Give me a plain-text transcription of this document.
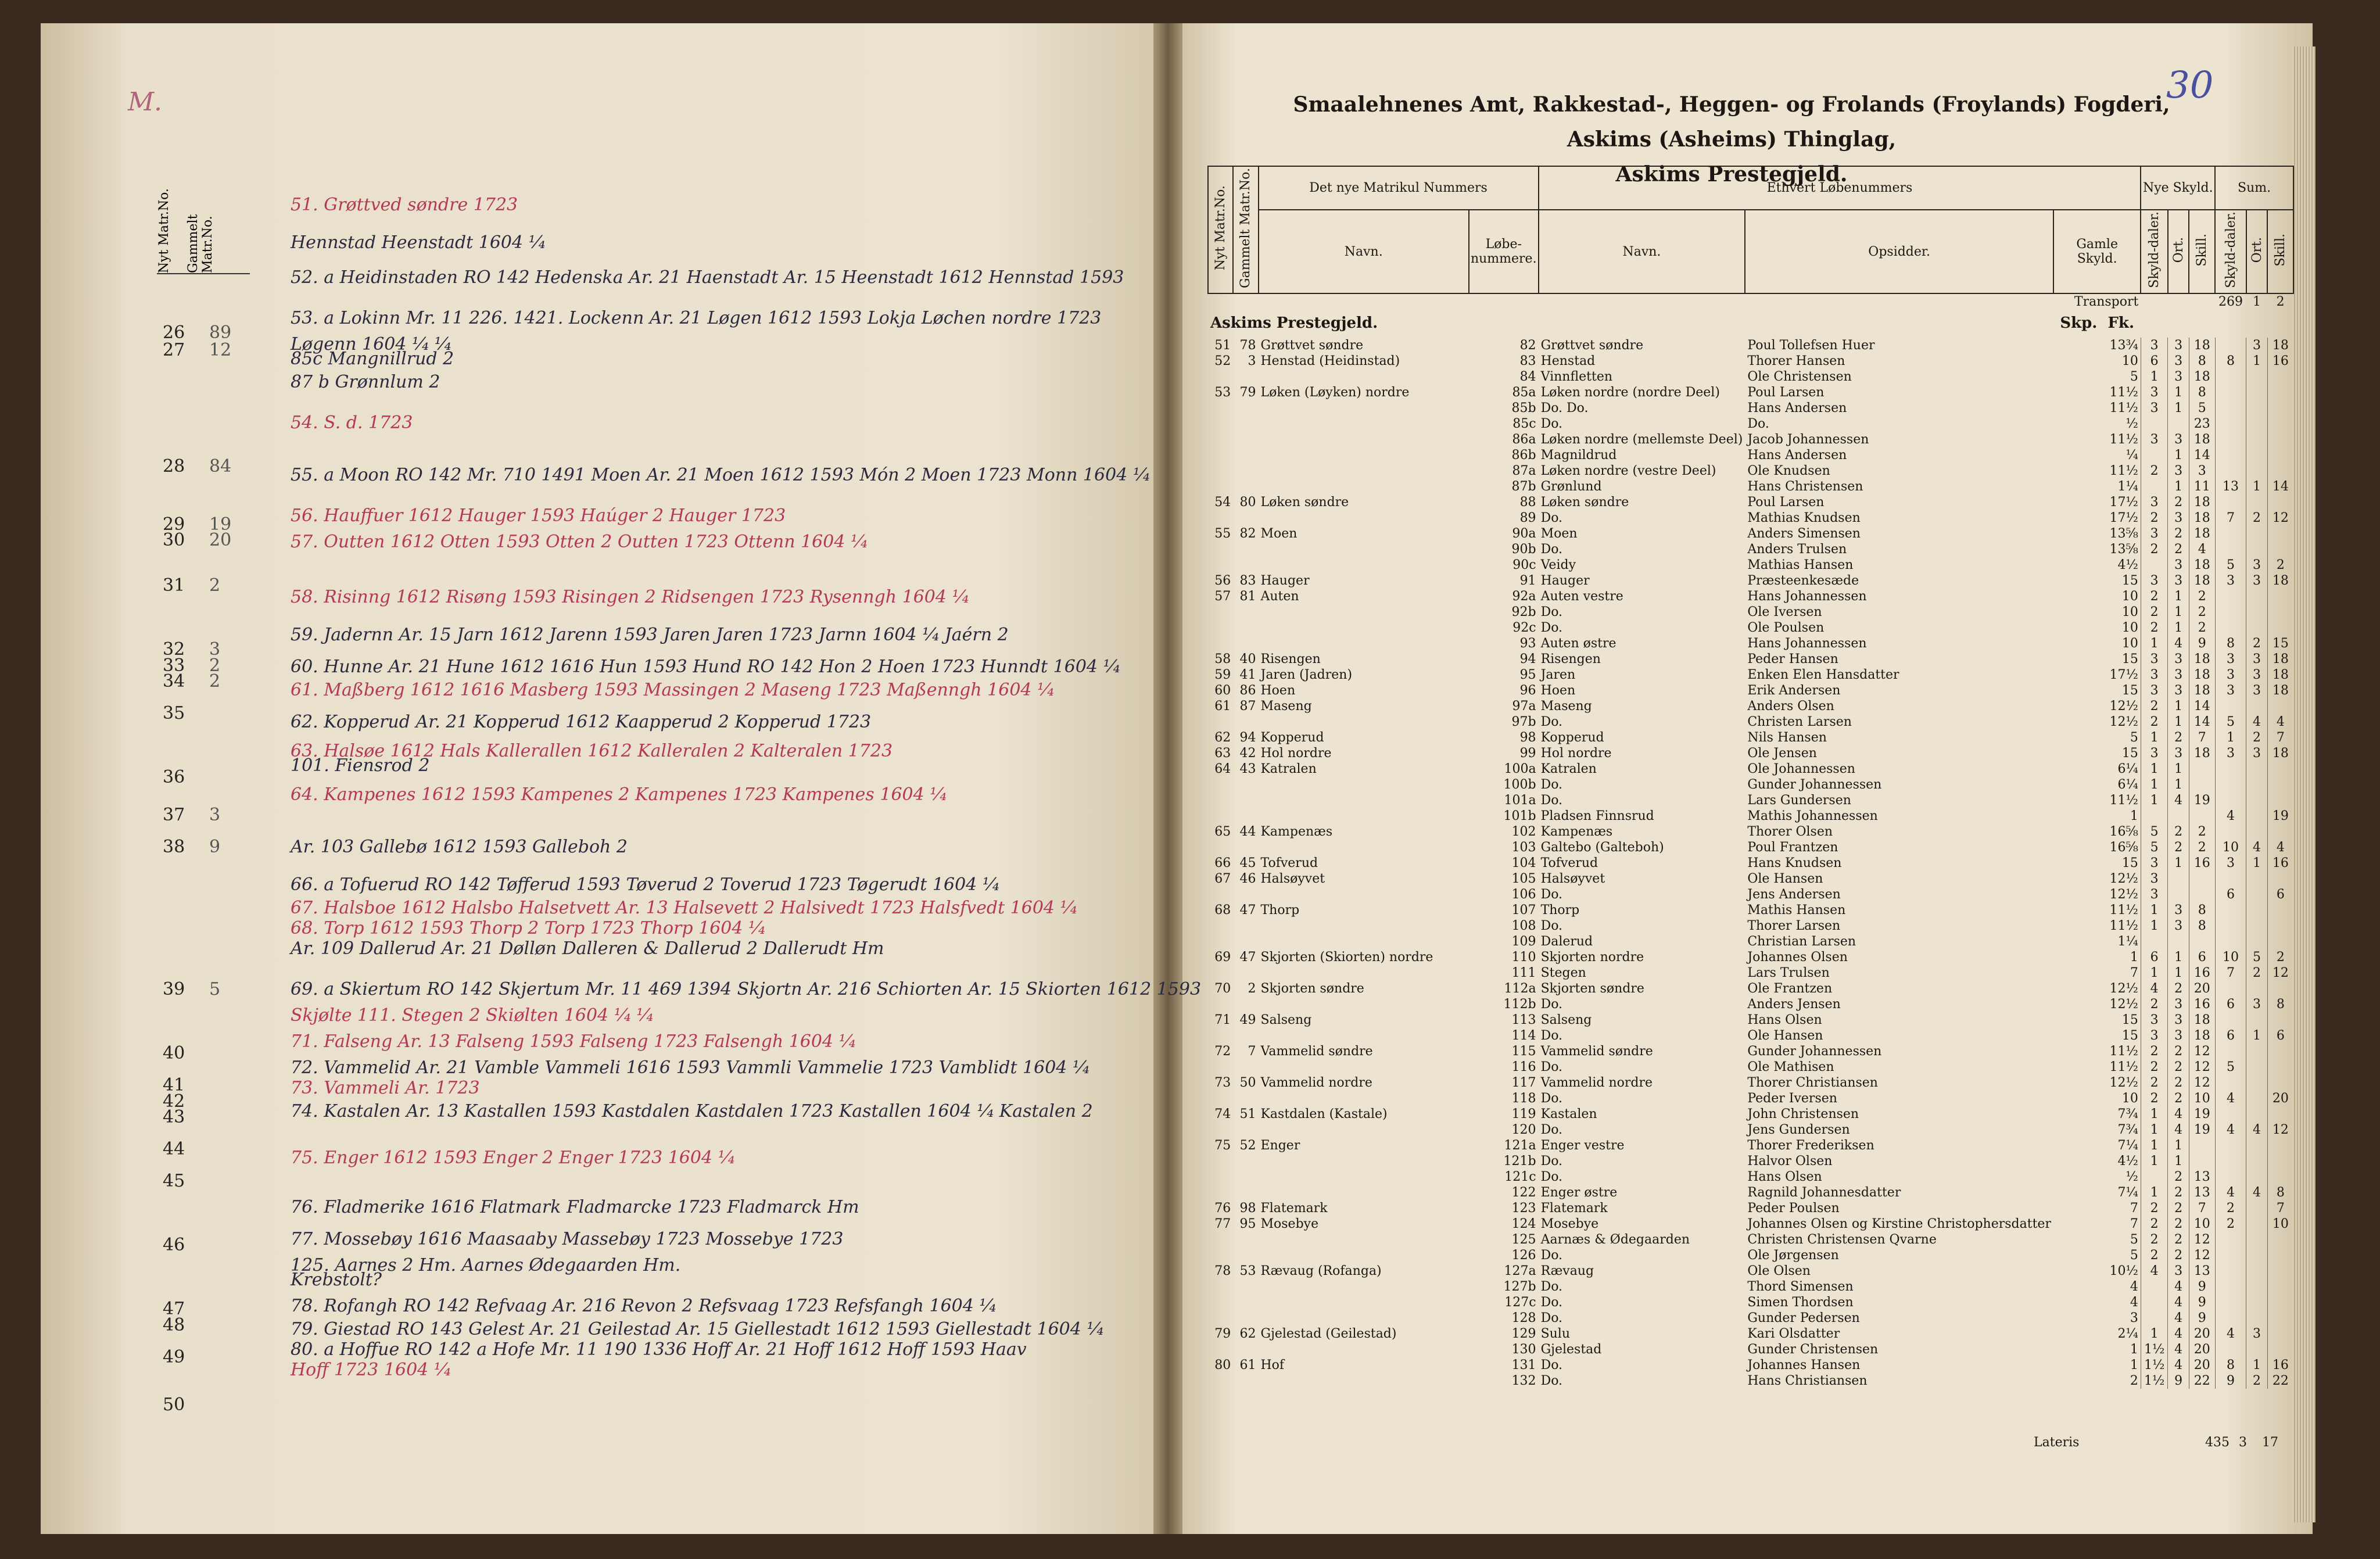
M.
Nyt Matr.No. Gammelt Matr.No.
26 89
27 12
28 84
29 19
30 20
31 2
32 3
33 2
34 2
35
36
37 3
38 9
39 5
40
41
42
43
44
45
46
47
48
49
50
51. Grøttved søndre 1723
Hennstad Heenstadt 1604 ⅟₄
52. a Heidinstaden RO 142 Hedenska Ar. 21 Haenstadt Ar. 15 Heenstadt 1612 Hennstad 1593
53. a Lokinn Mr. 11 226. 1421. Lockenn Ar. 21 Løgen 1612 1593 Lokja Løchen nordre 1723
Løgenn 1604 ⅟₄ ⅟₄
85c Mangnillrud 2
87 b Grønnlum 2
54. S. d. 1723
55. a Moon RO 142 Mr. 710 1491 Moen Ar. 21 Moen 1612 1593 Món 2 Moen 1723 Monn 1604 ⅟₄
56. Hauffuer 1612 Hauger 1593 Haúger 2 Hauger 1723
57. Outten 1612 Otten 1593 Otten 2 Outten 1723 Ottenn 1604 ⅟₄
58. Risinng 1612 Risøng 1593 Risingen 2 Ridsengen 1723 Rysenngh 1604 ⅟₄
59. Jadernn Ar. 15 Jarn 1612 Jarenn 1593 Jaren Jaren 1723 Jarnn 1604 ⅟₄ Jaérn 2
60. Hunne Ar. 21 Hune 1612 1616 Hun 1593 Hund RO 142 Hon 2 Hoen 1723 Hunndt 1604 ⅟₄
61. Maßberg 1612 1616 Masberg 1593 Massingen 2 Maseng 1723 Maßenngh 1604 ⅟₄
62. Kopperud Ar. 21 Kopperud 1612 Kaapperud 2 Kopperud 1723
63. Halsøe 1612 Hals Kallerallen 1612 Kalleralen 2 Kalteralen 1723
101. Fiensrod 2
64. Kampenes 1612 1593 Kampenes 2 Kampenes 1723 Kampenes 1604 ⅟₄
Ar. 103 Gallebø 1612 1593 Galleboh 2
66. a Tofuerud RO 142 Tøfferud 1593 Tøverud 2 Toverud 1723 Tøgerudt 1604 ⅟₄
67. Halsboe 1612 Halsbo Halsetvett Ar. 13 Halsevett 2 Halsivedt 1723 Halsfvedt 1604 ⅟₄
68. Torp 1612 1593 Thorp 2 Torp 1723 Thorp 1604 ⅟₄
Ar. 109 Dallerud Ar. 21 Dølløn Dalleren & Dallerud 2 Dallerudt Hm
69. a Skiertum RO 142 Skjertum Mr. 11 469 1394 Skjortn Ar. 216 Schiorten Ar. 15 Skiorten 1612 1593
Skjølte 111. Stegen 2 Skiølten 1604 ⅟₄ ⅟₄
71. Falseng Ar. 13 Falseng 1593 Falseng 1723 Falsengh 1604 ⅟₄
72. Vammelid Ar. 21 Vamble Vammeli 1616 1593 Vammli Vammelie 1723 Vamblidt 1604 ⅟₄
73. Vammeli Ar. 1723
74. Kastalen Ar. 13 Kastallen 1593 Kastdalen Kastdalen 1723 Kastallen 1604 ⅟₄ Kastalen 2
75. Enger 1612 1593 Enger 2 Enger 1723 1604 ⅟₄
76. Fladmerike 1616 Flatmark Fladmarcke 1723 Fladmarck Hm
77. Mossebøy 1616 Maasaaby Massebøy 1723 Mossebye 1723
125. Aarnes 2 Hm. Aarnes Ødegaarden Hm.
Krebstolt?
78. Rofangh RO 142 Refvaag Ar. 216 Revon 2 Refsvaag 1723 Refsfangh 1604 ⅟₄
79. Giestad RO 143 Gelest Ar. 21 Geilestad Ar. 15 Giellestadt 1612 1593 Giellestadt 1604 ⅟₄
80. a Hoffue RO 142 a Hofe Mr. 11 190 1336 Hoff Ar. 21 Hoff 1612 Hoff 1593 Haav
Hoff 1723 1604 ⅟₄
30
Smaalehnenes Amt, Rakkestad-, Heggen- og Frolands (Froylands) Fogderi, Askims (Asheims) Thinglag,
Askims Prestegjeld.
Nyt Matr.No.	Gammelt Matr.No.	Det nye Matrikul Nummers		Ethvert Løbenummers			Nye Skyld.			Sum.		
		Navn.	Løbe-nummere.	Navn.	Opsidder.	Gamle Skyld.	Skyld-daler.	Ort.	Skill.	Skyld-daler.	Ort.	Skill.
						Transport				269	1	2
Askims Prestegjeld.						Skp. Fk.						
51	78	Grøttvet søndre	82	Grøttvet søndre	Poul Tollefsen Huer	13¾	3	3	18		3	18
52	3	Henstad (Heidinstad)	83	Henstad	Thorer Hansen	10	6	3	8	8	1	16
			84	Vinnfletten	Ole Christensen	5	1	3	18			
53	79	Løken (Løyken) nordre	85a	Løken nordre (nordre Deel)	Poul Larsen	11½	3	1	8			
			85b	Do. Do.	Hans Andersen	11½	3	1	5			
			85c	Do.	Do.	½			23			
			86a	Løken nordre (mellemste Deel)	Jacob Johannessen	11½	3	3	18			
			86b	Magnildrud	Hans Andersen	¼		1	14			
			87a	Løken nordre (vestre Deel)	Ole Knudsen	11½	2	3	3			
			87b	Grønlund	Hans Christensen	1¼		1	11	13	1	14
54	80	Løken søndre	88	Løken søndre	Poul Larsen	17½	3	2	18			
			89	Do.	Mathias Knudsen	17½	2	3	18	7	2	12
55	82	Moen	90a	Moen	Anders Simensen	13⅝	3	2	18			
			90b	Do.	Anders Trulsen	13⅝	2	2	4			
			90c	Veidy	Mathias Hansen	4½		3	18	5	3	2
56	83	Hauger	91	Hauger	Præsteenkesæde	15	3	3	18	3	3	18
57	81	Auten	92a	Auten vestre	Hans Johannessen	10	2	1	2			
			92b	Do.	Ole Iversen	10	2	1	2			
			92c	Do.	Ole Poulsen	10	2	1	2			
			93	Auten østre	Hans Johannessen	10	1	4	9	8	2	15
58	40	Risengen	94	Risengen	Peder Hansen	15	3	3	18	3	3	18
59	41	Jaren (Jadren)	95	Jaren	Enken Elen Hansdatter	17½	3	3	18	3	3	18
60	86	Hoen	96	Hoen	Erik Andersen	15	3	3	18	3	3	18
61	87	Maseng	97a	Maseng	Anders Olsen	12½	2	1	14			
			97b	Do.	Christen Larsen	12½	2	1	14	5	4	4
62	94	Kopperud	98	Kopperud	Nils Hansen	5	1	2	7	1	2	7
63	42	Hol nordre	99	Hol nordre	Ole Jensen	15	3	3	18	3	3	18
64	43	Katralen	100a	Katralen	Ole Johannessen	6¼	1	1				
			100b	Do.	Gunder Johannessen	6¼	1	1				
			101a	Do.	Lars Gundersen	11½	1	4	19			
			101b	Pladsen Finnsrud	Mathis Johannessen	1				4		19
65	44	Kampenæs	102	Kampenæs	Thorer Olsen	16⅝	5	2	2			
			103	Galtebo (Galteboh)	Poul Frantzen	16⅝	5	2	2	10	4	4
66	45	Tofverud	104	Tofverud	Hans Knudsen	15	3	1	16	3	1	16
67	46	Halsøyvet	105	Halsøyvet	Ole Hansen	12½	3					
			106	Do.	Jens Andersen	12½	3			6		6
68	47	Thorp	107	Thorp	Mathis Hansen	11½	1	3	8			
			108	Do.	Thorer Larsen	11½	1	3	8			
			109	Dalerud	Christian Larsen	1¼						
69	47	Skjorten (Skiorten) nordre	110	Skjorten nordre	Johannes Olsen	1	6	1	6	10	5	2
			111	Stegen	Lars Trulsen	7	1	1	16	7	2	12
70	2	Skjorten søndre	112a	Skjorten søndre	Ole Frantzen	12½	4	2	20			
			112b	Do.	Anders Jensen	12½	2	3	16	6	3	8
71	49	Salseng	113	Salseng	Hans Olsen	15	3	3	18			
			114	Do.	Ole Hansen	15	3	3	18	6	1	6
72	7	Vammelid søndre	115	Vammelid søndre	Gunder Johannessen	11½	2	2	12			
			116	Do.	Ole Mathisen	11½	2	2	12	5		
73	50	Vammelid nordre	117	Vammelid nordre	Thorer Christiansen	12½	2	2	12			
			118	Do.	Peder Iversen	10	2	2	10	4		20
74	51	Kastdalen (Kastale)	119	Kastalen	John Christensen	7¾	1	4	19			
			120	Do.	Jens Gundersen	7¾	1	4	19	4	4	12
75	52	Enger	121a	Enger vestre	Thorer Frederiksen	7¼	1	1				
			121b	Do.	Halvor Olsen	4½	1	1				
			121c	Do.	Hans Olsen	½		2	13			
			122	Enger østre	Ragnild Johannesdatter	7¼	1	2	13	4	4	8
76	98	Flatemark	123	Flatemark	Peder Poulsen	7	2	2	7	2		7
77	95	Mosebye	124	Mosebye	Johannes Olsen og Kirstine Christophersdatter	7	2	2	10	2		10
			125	Aarnæs & Ødegaarden	Christen Christensen Qvarne	5	2	2	12			
			126	Do.	Ole Jørgensen	5	2	2	12			
78	53	Rævaug (Rofanga)	127a	Rævaug	Ole Olsen	10½	4	3	13			
			127b	Do.	Thord Simensen	4		4	9			
			127c	Do.	Simen Thordsen	4		4	9			
			128	Do.	Gunder Pedersen	3		4	9			
79	62	Gjelestad (Geilestad)	129	Sulu	Kari Olsdatter	2¼	1	4	20	4	3	
			130	Gjelestad	Gunder Christensen	1	1½	4	20			
80	61	Hof	131	Do.	Johannes Hansen	1	1½	4	20	8	1	16
			132	Do.	Hans Christiansen	2	1½	9	22	9	2	22
Lateris	435 3 17
